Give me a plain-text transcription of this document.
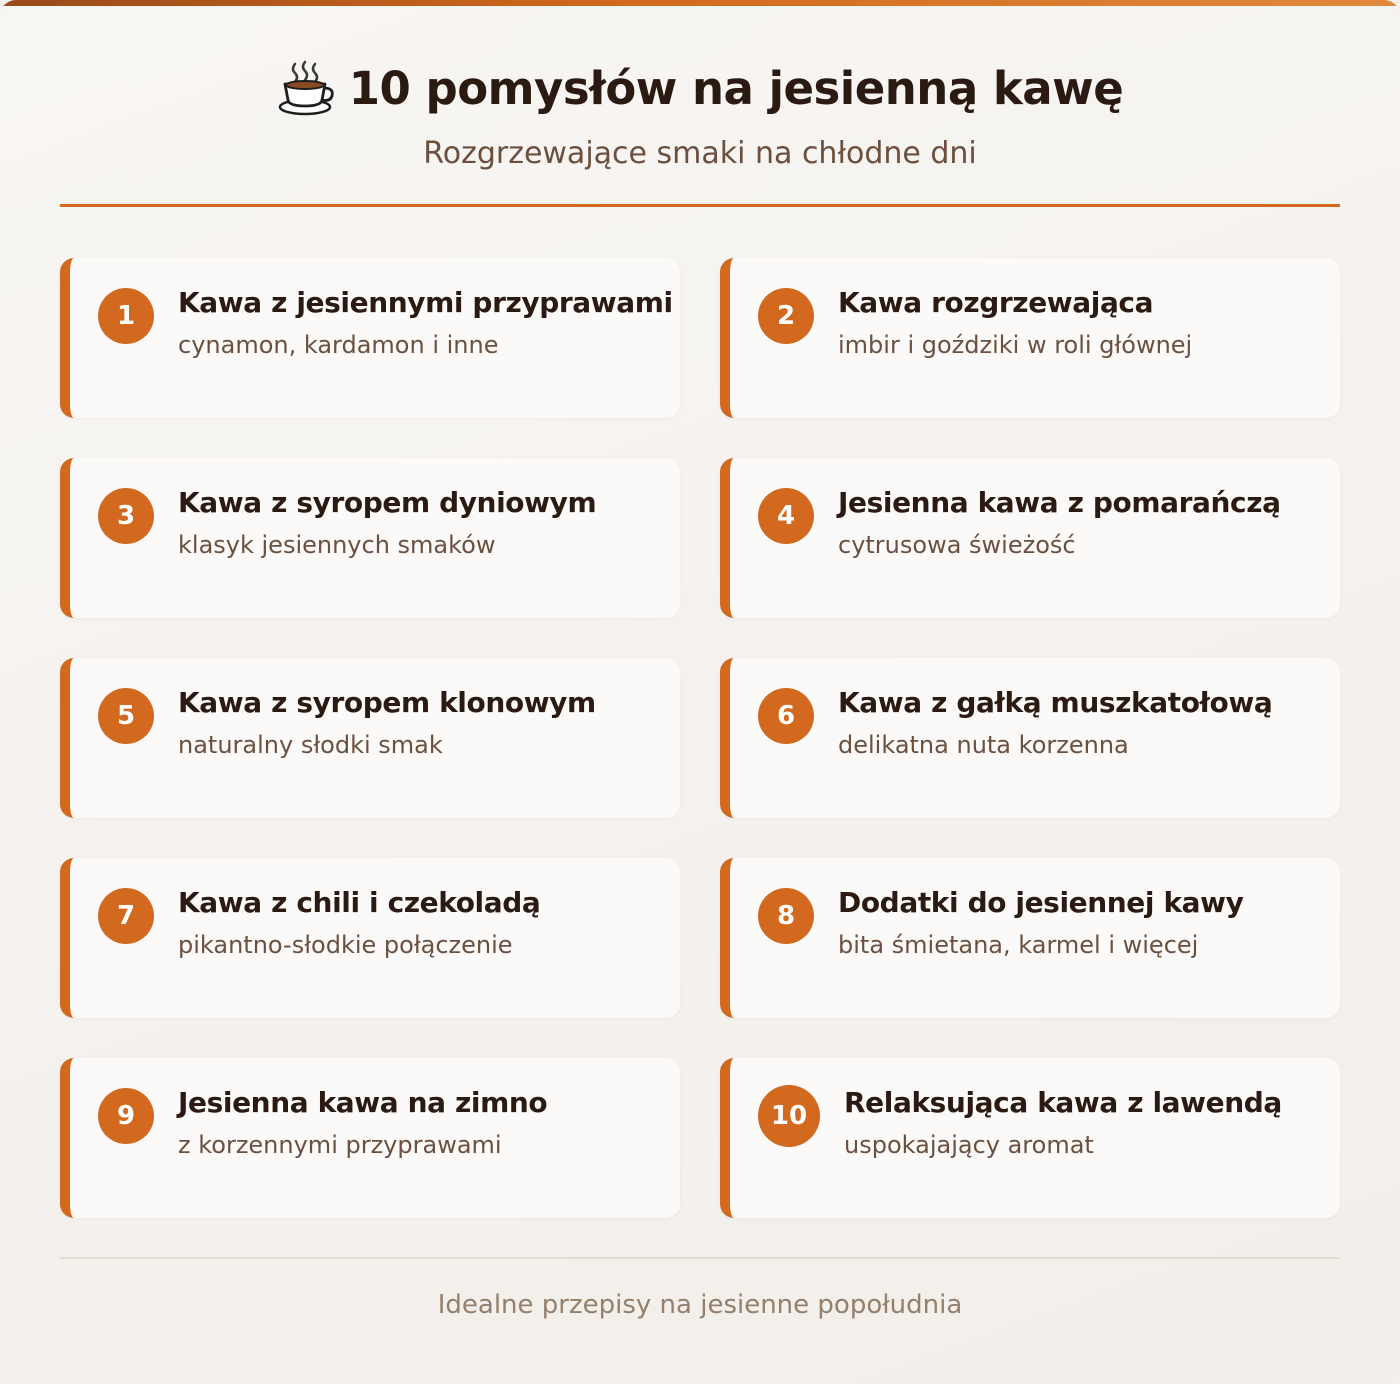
10 pomysłów na jesienną kawę
Rozgrzewające smaki na chłodne dni
1	Kawa z jesiennymi przyprawami
cynamon, kardamon i inne
2	Kawa rozgrzewająca
imbir i goździki w roli głównej
3	Kawa z syropem dyniowym
klasyk jesiennych smaków
4	Jesienna kawa z pomarańczą
cytrusowa świeżość
5	Kawa z syropem klonowym
naturalny słodki smak
6	Kawa z gałką muszkatołową
delikatna nuta korzenna
7	Kawa z chili i czekoladą
pikantno-słodkie połączenie
8	Dodatki do jesiennej kawy
bita śmietana, karmel i więcej
9	Jesienna kawa na zimno
z korzennymi przyprawami
10	Relaksująca kawa z lawendą
uspokajający aromat
Idealne przepisy na jesienne popołudnia
